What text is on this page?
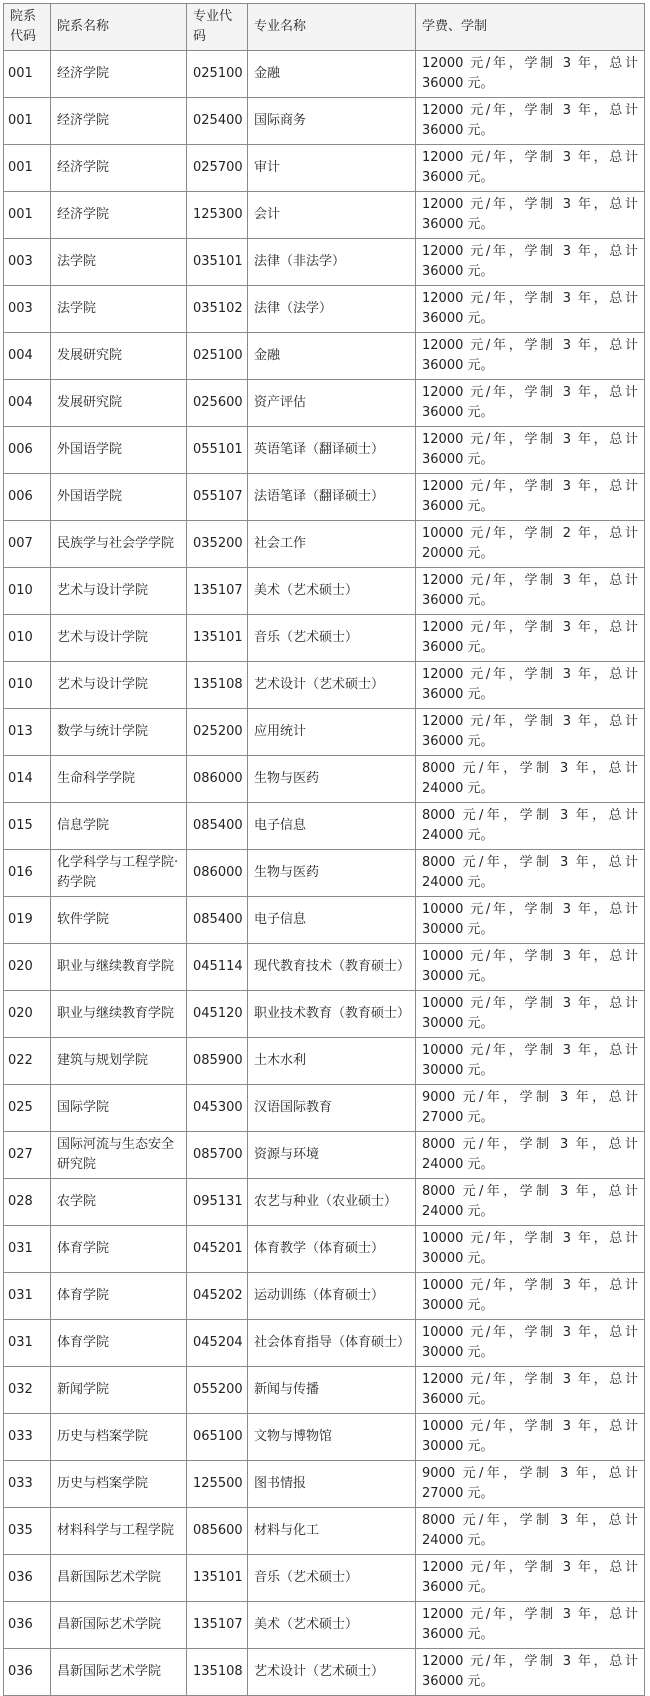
院系代码	院系名称	专业代码	专业名称	学费、学制
001	经济学院	025100	金融	12000 元/年，学制 3 年，总计 36000 元。
001	经济学院	025400	国际商务	12000 元/年，学制 3 年，总计 36000 元。
001	经济学院	025700	审计	12000 元/年，学制 3 年，总计 36000 元。
001	经济学院	125300	会计	12000 元/年，学制 3 年，总计 36000 元。
003	法学院	035101	法律（非法学）	12000 元/年，学制 3 年，总计 36000 元。
003	法学院	035102	法律（法学）	12000 元/年，学制 3 年，总计 36000 元。
004	发展研究院	025100	金融	12000 元/年，学制 3 年，总计 36000 元。
004	发展研究院	025600	资产评估	12000 元/年，学制 3 年，总计 36000 元。
006	外国语学院	055101	英语笔译（翻译硕士）	12000 元/年，学制 3 年，总计 36000 元。
006	外国语学院	055107	法语笔译（翻译硕士）	12000 元/年，学制 3 年，总计 36000 元。
007	民族学与社会学学院	035200	社会工作	10000 元/年，学制 2 年，总计 20000 元。
010	艺术与设计学院	135107	美术（艺术硕士）	12000 元/年，学制 3 年，总计 36000 元。
010	艺术与设计学院	135101	音乐（艺术硕士）	12000 元/年，学制 3 年，总计 36000 元。
010	艺术与设计学院	135108	艺术设计（艺术硕士）	12000 元/年，学制 3 年，总计 36000 元。
013	数学与统计学院	025200	应用统计	12000 元/年，学制 3 年，总计 36000 元。
014	生命科学学院	086000	生物与医药	8000 元/年，学制 3 年，总计 24000 元。
015	信息学院	085400	电子信息	8000 元/年，学制 3 年，总计 24000 元。
016	化学科学与工程学院·药学院	086000	生物与医药	8000 元/年，学制 3 年，总计 24000 元。
019	软件学院	085400	电子信息	10000 元/年，学制 3 年，总计 30000 元。
020	职业与继续教育学院	045114	现代教育技术（教育硕士）	10000 元/年，学制 3 年，总计 30000 元。
020	职业与继续教育学院	045120	职业技术教育（教育硕士）	10000 元/年，学制 3 年，总计 30000 元。
022	建筑与规划学院	085900	土木水利	10000 元/年，学制 3 年，总计 30000 元。
025	国际学院	045300	汉语国际教育	9000 元/年，学制 3 年，总计 27000 元。
027	国际河流与生态安全研究院	085700	资源与环境	8000 元/年，学制 3 年，总计 24000 元。
028	农学院	095131	农艺与种业（农业硕士）	8000 元/年，学制 3 年，总计 24000 元。
031	体育学院	045201	体育教学（体育硕士）	10000 元/年，学制 3 年，总计 30000 元。
031	体育学院	045202	运动训练（体育硕士）	10000 元/年，学制 3 年，总计 30000 元。
031	体育学院	045204	社会体育指导（体育硕士）	10000 元/年，学制 3 年，总计 30000 元。
032	新闻学院	055200	新闻与传播	12000 元/年，学制 3 年，总计 36000 元。
033	历史与档案学院	065100	文物与博物馆	10000 元/年，学制 3 年，总计 30000 元。
033	历史与档案学院	125500	图书情报	9000 元/年，学制 3 年，总计 27000 元。
035	材料科学与工程学院	085600	材料与化工	8000 元/年，学制 3 年，总计 24000 元。
036	昌新国际艺术学院	135101	音乐（艺术硕士）	12000 元/年，学制 3 年，总计 36000 元。
036	昌新国际艺术学院	135107	美术（艺术硕士）	12000 元/年，学制 3 年，总计 36000 元。
036	昌新国际艺术学院	135108	艺术设计（艺术硕士）	12000 元/年，学制 3 年，总计 36000 元。
